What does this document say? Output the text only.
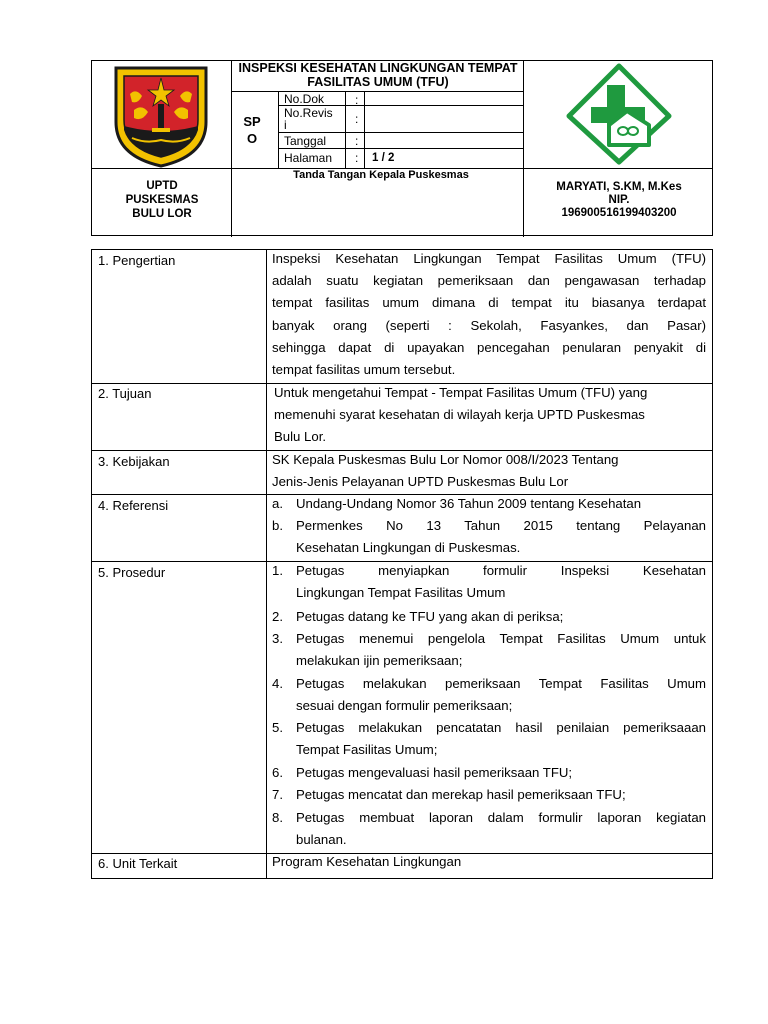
INSPEKSI KESEHATAN LINGKUNGAN TEMPAT FASILITAS UMUM (TFU)
SP
O
No.Dok	:
No.Revis
i	:
Tanggal :
Halaman : 1 / 2
UPTD
PUSKESMAS
BULU LOR
Tanda Tangan Kepala Puskesmas
MARYATI, S.KM, M.Kes
NIP.
196900516199403200
1. Pengertian	Inspeksi Kesehatan Lingkungan Tempat Fasilitas Umum (TFU)
adalah suatu kegiatan pemeriksaan dan pengawasan terhadap
tempat fasilitas umum dimana di tempat itu biasanya terdapat
banyak orang (seperti : Sekolah, Fasyankes, dan Pasar)
sehingga dapat di upayakan pencegahan penularan penyakit di
tempat fasilitas umum tersebut.
2. Tujuan	Untuk mengetahui Tempat - Tempat Fasilitas Umum (TFU) yang
memenuhi syarat kesehatan di wilayah kerja UPTD Puskesmas
Bulu Lor.
3. Kebijakan	SK Kepala Puskesmas Bulu Lor Nomor 008/I/2023 Tentang
Jenis-Jenis Pelayanan UPTD Puskesmas Bulu Lor
4. Referensi	a. Undang-Undang Nomor 36 Tahun 2009 tentang Kesehatan
b. Permenkes No 13 Tahun 2015 tentang Pelayanan
Kesehatan Lingkungan di Puskesmas.
5. Prosedur	1. Petugas menyiapkan formulir Inspeksi Kesehatan
Lingkungan Tempat Fasilitas Umum
2. Petugas datang ke TFU yang akan di periksa;
3. Petugas menemui pengelola Tempat Fasilitas Umum untuk
melakukan ijin pemeriksaan;
4. Petugas melakukan pemeriksaan Tempat Fasilitas Umum
sesuai dengan formulir pemeriksaan;
5. Petugas melakukan pencatatan hasil penilaian pemeriksaaan
Tempat Fasilitas Umum;
6. Petugas mengevaluasi hasil pemeriksaan TFU;
7. Petugas mencatat dan merekap hasil pemeriksaan TFU;
8. Petugas membuat laporan dalam formulir laporan kegiatan
bulanan.
6. Unit Terkait	Program Kesehatan Lingkungan
